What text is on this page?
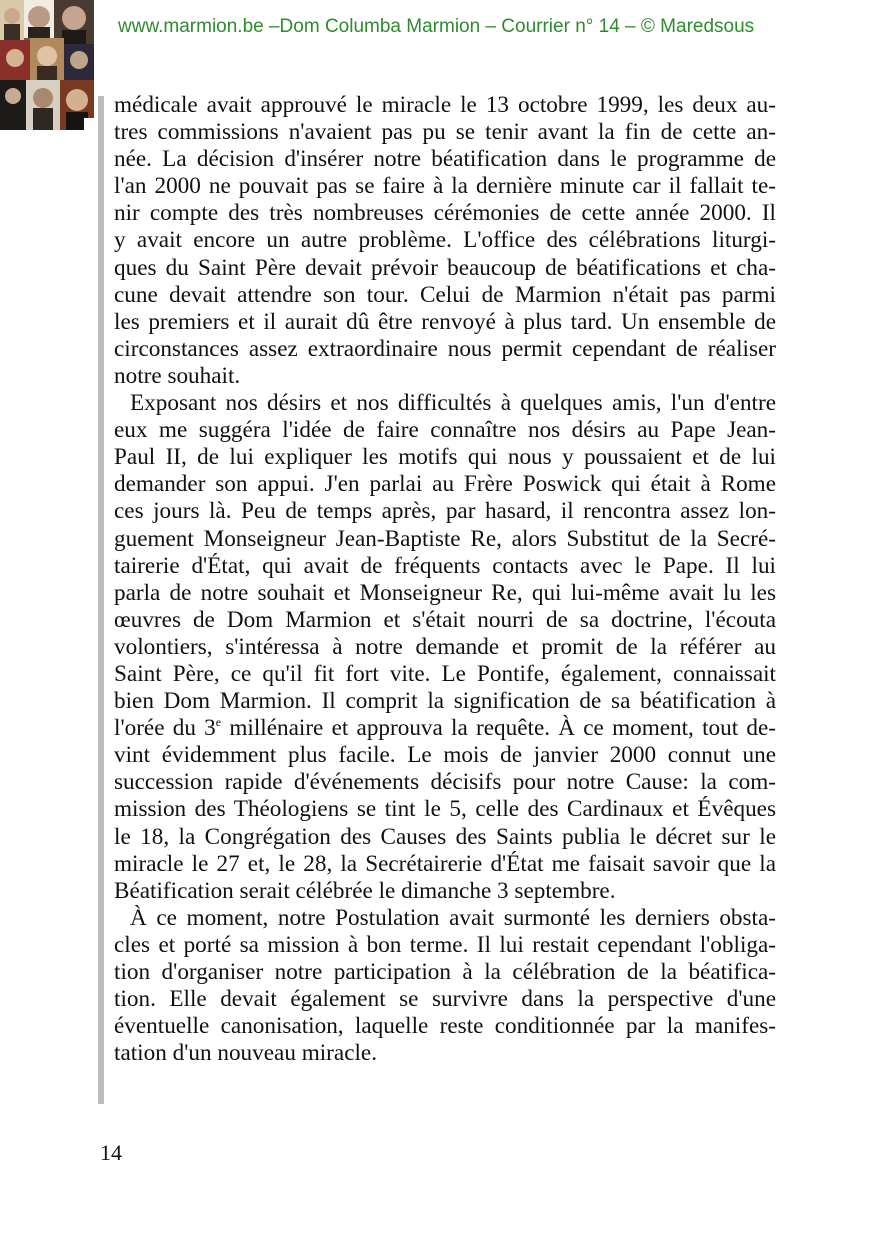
www.marmion.be –Dom Columba Marmion – Courrier n° 14 – © Maredsous

médicale avait approuvé le miracle le 13 octobre 1999, les deux au-
tres commissions n'avaient pas pu se tenir avant la fin de cette an-
née. La décision d'insérer notre béatification dans le programme de
l'an 2000 ne pouvait pas se faire à la dernière minute car il fallait te-
nir compte des très nombreuses cérémonies de cette année 2000. Il
y avait encore un autre problème. L'office des célébrations liturgi-
ques du Saint Père devait prévoir beaucoup de béatifications et cha-
cune devait attendre son tour. Celui de Marmion n'était pas parmi
les premiers et il aurait dû être renvoyé à plus tard. Un ensemble de
circonstances assez extraordinaire nous permit cependant de réaliser
notre souhait.

Exposant nos désirs et nos difficultés à quelques amis, l'un d'entre
eux me suggéra l'idée de faire connaître nos désirs au Pape Jean-
Paul II, de lui expliquer les motifs qui nous y poussaient et de lui
demander son appui. J'en parlai au Frère Poswick qui était à Rome
ces jours là. Peu de temps après, par hasard, il rencontra assez lon-
guement Monseigneur Jean-Baptiste Re, alors Substitut de la Secré-
tairerie d'État, qui avait de fréquents contacts avec le Pape. Il lui
parla de notre souhait et Monseigneur Re, qui lui-même avait lu les
œuvres de Dom Marmion et s'était nourri de sa doctrine, l'écouta
volontiers, s'intéressa à notre demande et promit de la référer au
Saint Père, ce qu'il fit fort vite. Le Pontife, également, connaissait
bien Dom Marmion. Il comprit la signification de sa béatification à
l'orée du 3e millénaire et approuva la requête. À ce moment, tout de-
vint évidemment plus facile. Le mois de janvier 2000 connut une
succession rapide d'événements décisifs pour notre Cause: la com-
mission des Théologiens se tint le 5, celle des Cardinaux et Évêques
le 18, la Congrégation des Causes des Saints publia le décret sur le
miracle le 27 et, le 28, la Secrétairerie d'État me faisait savoir que la
Béatification serait célébrée le dimanche 3 septembre.

À ce moment, notre Postulation avait surmonté les derniers obsta-
cles et porté sa mission à bon terme. Il lui restait cependant l'obliga-
tion d'organiser notre participation à la célébration de la béatifica-
tion. Elle devait également se survivre dans la perspective d'une
éventuelle canonisation, laquelle reste conditionnée par la manifes-
tation d'un nouveau miracle.

14
